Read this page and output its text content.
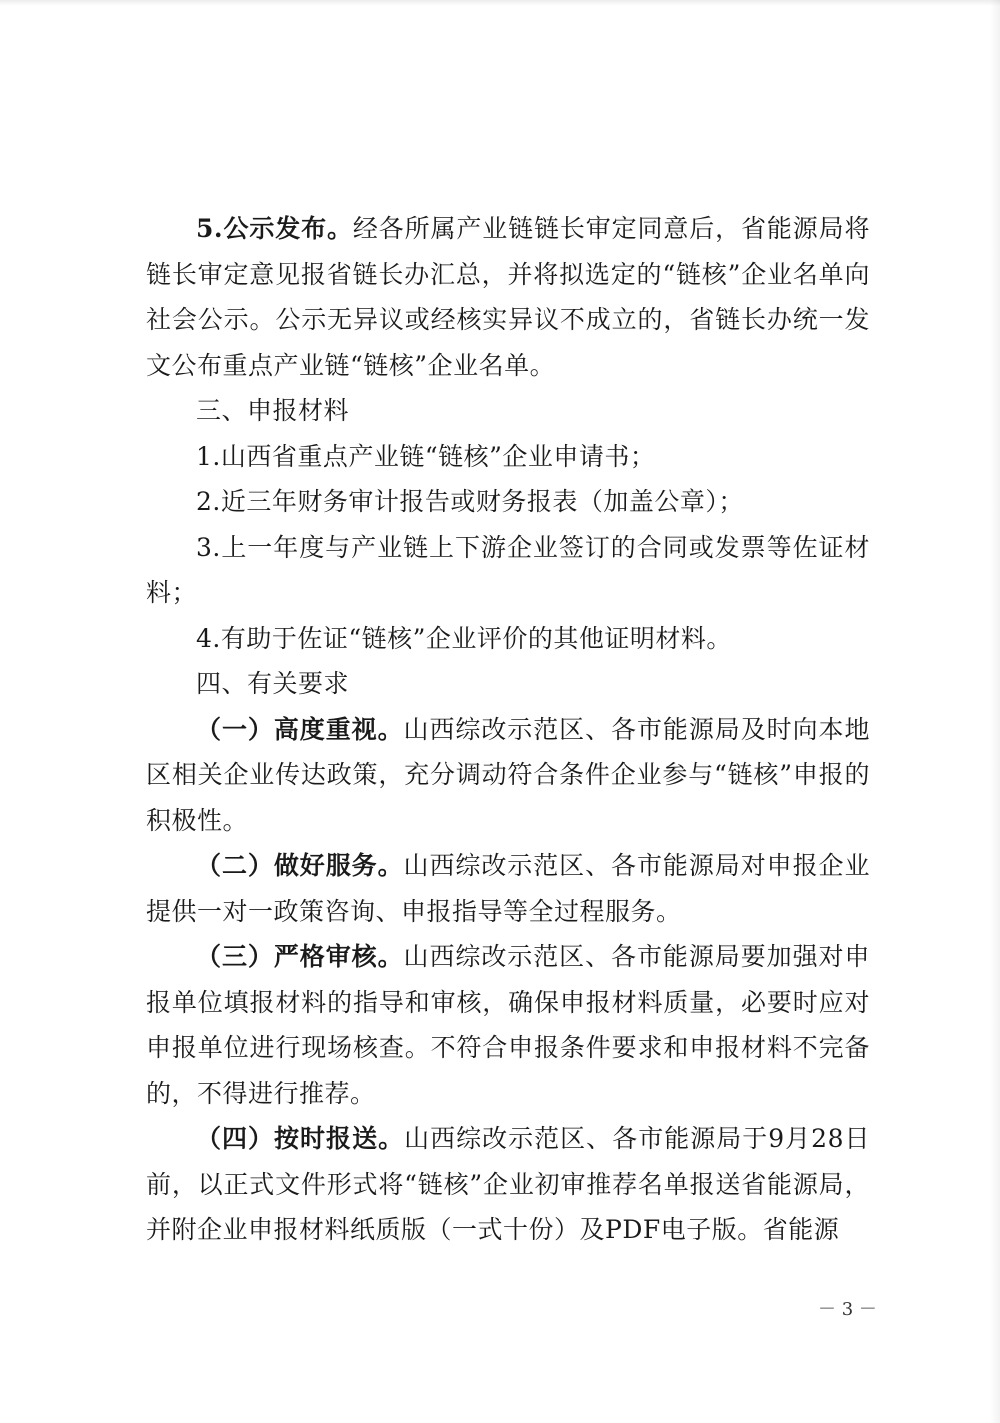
5.公示发布。经各所属产业链链长审定同意后，省能源局将链长审定意见报省链长办汇总，并将拟选定的“链核”企业名单向社会公示。公示无异议或经核实异议不成立的，省链长办统一发文公布重点产业链“链核”企业名单。

三、申报材料

1.山西省重点产业链“链核”企业申请书；

2.近三年财务审计报告或财务报表（加盖公章）；

3.上一年度与产业链上下游企业签订的合同或发票等佐证材料；

4.有助于佐证“链核”企业评价的其他证明材料。

四、有关要求

（一）高度重视。山西综改示范区、各市能源局及时向本地区相关企业传达政策，充分调动符合条件企业参与“链核”申报的积极性。

（二）做好服务。山西综改示范区、各市能源局对申报企业提供一对一政策咨询、申报指导等全过程服务。

（三）严格审核。山西综改示范区、各市能源局要加强对申报单位填报材料的指导和审核，确保申报材料质量，必要时应对申报单位进行现场核查。不符合申报条件要求和申报材料不完备的，不得进行推荐。

（四）按时报送。山西综改示范区、各市能源局于9月28日前，以正式文件形式将“链核”企业初审推荐名单报送省能源局，并附企业申报材料纸质版（一式十份）及PDF电子版。省能源

－ 3 －
